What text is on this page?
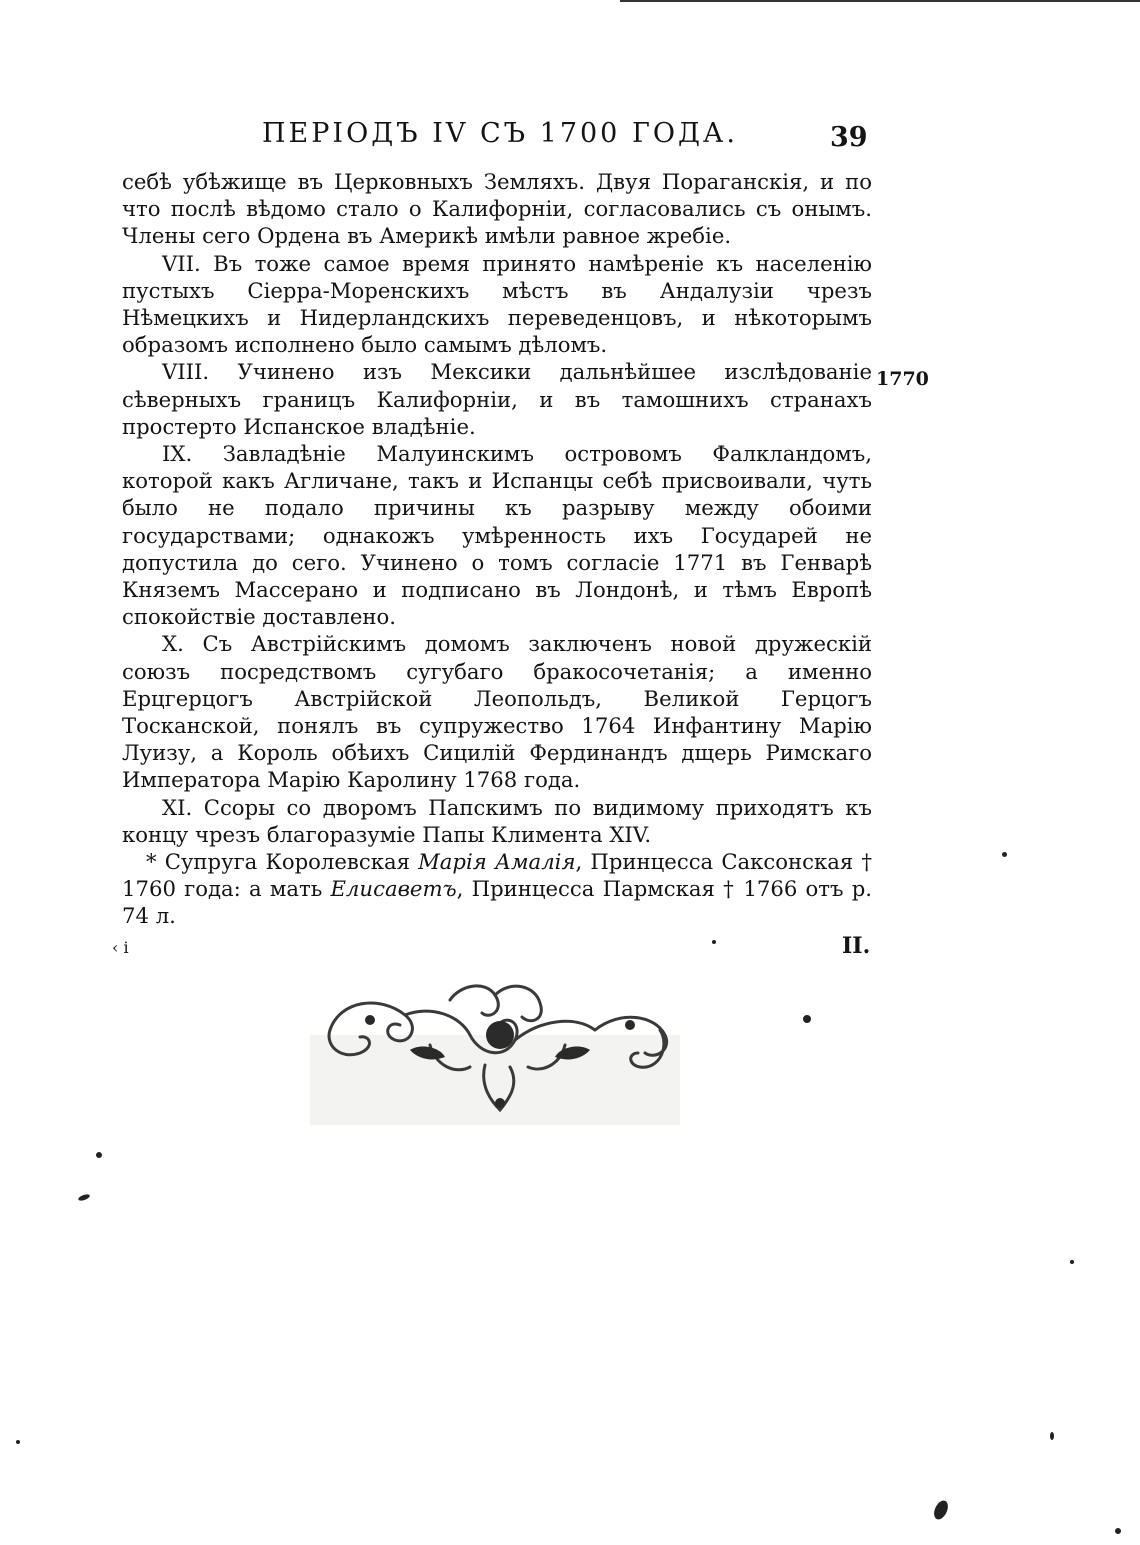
ПЕРІОДЪ IV СЪ 1700 ГОДА.	39
1770

себѣ убѣжище въ Церковныхъ Земляхъ. Двуя Пораганскія, и по что послѣ вѣдомо стало о Калифорніи, согласовались съ онымъ. Члены сего Ордена въ Америкѣ имѣли равное жребіе.

VII. Въ тоже самое время принято намѣреніе къ населенію пустыхъ Сіерра-Моренскихъ мѣстъ въ Андалузіи чрезъ Нѣмецкихъ и Нидерландскихъ переведенцовъ, и нѣкоторымъ образомъ исполнено было самымъ дѣломъ.

VIII. Учинено изъ Мексики дальнѣйшее изслѣдованіе сѣверныхъ границъ Калифорніи, и въ тамошнихъ странахъ простерто Испанское владѣніе.

IX. Завладѣніе Малуинскимъ островомъ Фалкландомъ, которой какъ Агличане, такъ и Испанцы себѣ присвоивали, чуть было не подало причины къ разрыву между обоими государствами; однакожъ умѣренность ихъ Государей не допустила до сего. Учинено о томъ согласіе 1771 въ Генварѣ Княземъ Массерано и подписано въ Лондонѣ, и тѣмъ Европѣ спокойствіе доставлено.

X. Съ Австрійскимъ домомъ заключенъ новой дружескій союзъ посредствомъ сугубаго бракосочетанія; а именно Ерцгерцогъ Австрійской Леопольдъ, Великой Герцогъ Тосканской, понялъ въ супружество 1764 Инфантину Марію Луизу, а Король обѣихъ Сицилій Фердинандъ дщерь Римскаго Императора Марію Каролину 1768 года.

XI. Ссоры со дворомъ Папскимъ по видимому приходятъ къ концу чрезъ благоразуміе Папы Климента XIV.

* Супруга Королевская Марія Амалія, Принцесса Саксонская † 1760 года: а мать Елисаветъ, Принцесса Пармская † 1766 отъ р. 74 л.

‹ i	II.
